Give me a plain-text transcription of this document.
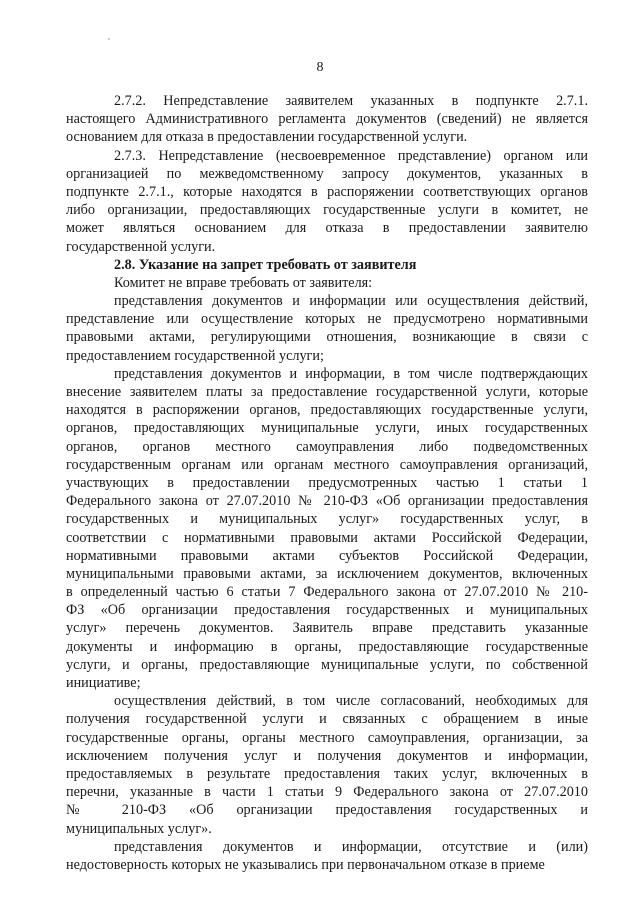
8
2.7.2. Непредставление заявителем указанных в подпункте 2.7.1.
настоящего Административного регламента документов (сведений) не является
основанием для отказа в предоставлении государственной услуги.
2.7.3. Непредставление (несвоевременное представление) органом или
организацией по межведомственному запросу документов, указанных в
подпункте 2.7.1., которые находятся в распоряжении соответствующих органов
либо организации, предоставляющих государственные услуги в комитет, не
может являться основанием для отказа в предоставлении заявителю
государственной услуги.
2.8. Указание на запрет требовать от заявителя
Комитет не вправе требовать от заявителя:
представления документов и информации или осуществления действий,
представление или осуществление которых не предусмотрено нормативными
правовыми актами, регулирующими отношения, возникающие в связи с
предоставлением государственной услуги;
представления документов и информации, в том числе подтверждающих
внесение заявителем платы за предоставление государственной услуги, которые
находятся в распоряжении органов, предоставляющих государственные услуги,
органов, предоставляющих муниципальные услуги, иных государственных
органов, органов местного самоуправления либо подведомственных
государственным органам или органам местного самоуправления организаций,
участвующих в предоставлении предусмотренных частью 1 статьи 1
Федерального закона от 27.07.2010 № 210-ФЗ «Об организации предоставления
государственных и муниципальных услуг» государственных услуг, в
соответствии с нормативными правовыми актами Российской Федерации,
нормативными правовыми актами субъектов Российской Федерации,
муниципальными правовыми актами, за исключением документов, включенных
в определенный частью 6 статьи 7 Федерального закона от 27.07.2010 № 210-
ФЗ «Об организации предоставления государственных и муниципальных
услуг» перечень документов. Заявитель вправе представить указанные
документы и информацию в органы, предоставляющие государственные
услуги, и органы, предоставляющие муниципальные услуги, по собственной
инициативе;
осуществления действий, в том числе согласований, необходимых для
получения государственной услуги и связанных с обращением в иные
государственные органы, органы местного самоуправления, организации, за
исключением получения услуг и получения документов и информации,
предоставляемых в результате предоставления таких услуг, включенных в
перечни, указанные в части 1 статьи 9 Федерального закона от 27.07.2010
№ 210-ФЗ «Об организации предоставления государственных и
муниципальных услуг».
представления документов и информации, отсутствие и (или)
недостоверность которых не указывались при первоначальном отказе в приеме
